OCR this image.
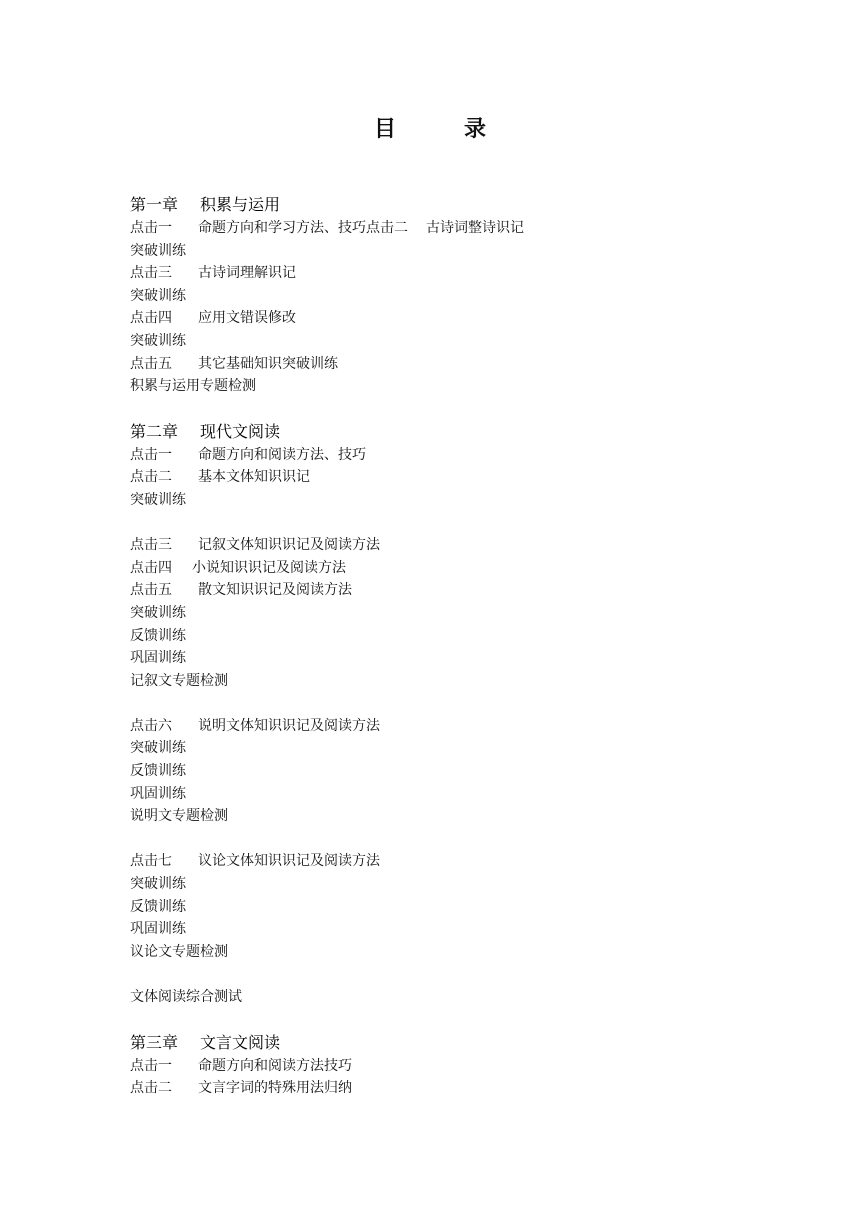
目	录
第一章 积累与运用
点击一 命题方向和学习方法、技巧点击二 古诗词整诗识记
突破训练
点击三 古诗词理解识记
突破训练
点击四 应用文错误修改
突破训练
点击五 其它基础知识突破训练
积累与运用专题检测
第二章 现代文阅读
点击一 命题方向和阅读方法、技巧
点击二 基本文体知识识记
突破训练
点击三 记叙文体知识识记及阅读方法
点击四 小说知识识记及阅读方法
点击五 散文知识识记及阅读方法
突破训练
反馈训练
巩固训练
记叙文专题检测
点击六 说明文体知识识记及阅读方法
突破训练
反馈训练
巩固训练
说明文专题检测
点击七 议论文体知识识记及阅读方法
突破训练
反馈训练
巩固训练
议论文专题检测
文体阅读综合测试
第三章 文言文阅读
点击一 命题方向和阅读方法技巧
点击二 文言字词的特殊用法归纳
